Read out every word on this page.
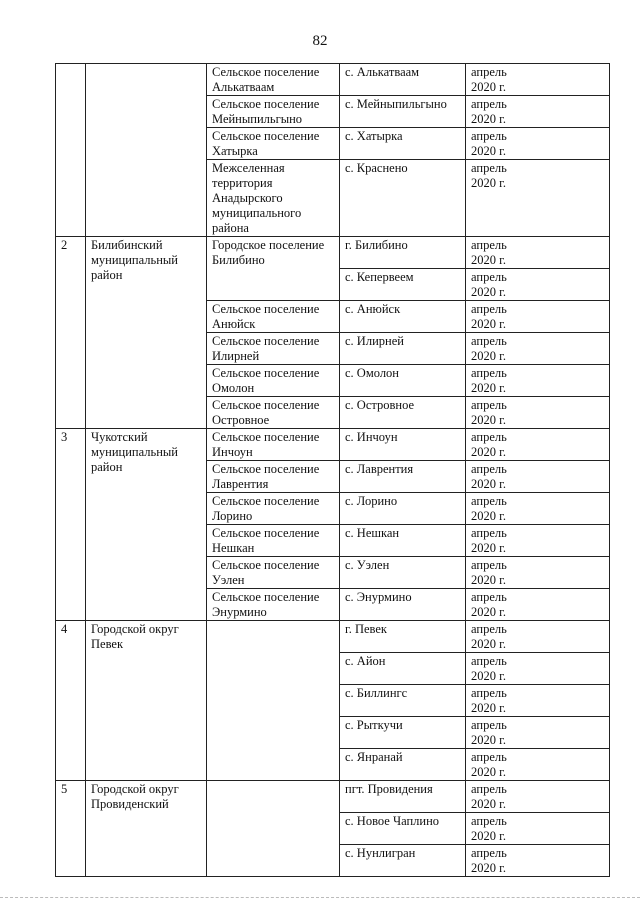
82

		Сельское поселение
Алькатваам	с. Алькатваам	апрель
2020 г.

		Сельское поселение
Мейныпильгыно	с. Мейныпильгыно	апрель
2020 г.

		Сельское поселение
Хатырка	с. Хатырка	апрель
2020 г.

		Межселенная
территория
Анадырского
муниципального
района	с. Краснено	апрель
2020 г.

2	Билибинский
муниципальный
район	Городское поселение
Билибино	г. Билибино	апрель
2020 г.

			с. Кепервеем	апрель
2020 г.

		Сельское поселение
Анюйск	с. Анюйск	апрель
2020 г.

		Сельское поселение
Илирней	с. Илирней	апрель
2020 г.

		Сельское поселение
Омолон	с. Омолон	апрель
2020 г.

		Сельское поселение
Островное	с. Островное	апрель
2020 г.

3	Чукотский
муниципальный
район	Сельское поселение
Инчоун	с. Инчоун	апрель
2020 г.

		Сельское поселение
Лаврентия	с. Лаврентия	апрель
2020 г.

		Сельское поселение
Лорино	с. Лорино	апрель
2020 г.

		Сельское поселение
Нешкан	с. Нешкан	апрель
2020 г.

		Сельское поселение
Уэлен	с. Уэлен	апрель
2020 г.

		Сельское поселение
Энурмино	с. Энурмино	апрель
2020 г.

4	Городской округ
Певек		г. Певек	апрель
2020 г.

			с. Айон	апрель
2020 г.

			с. Биллингс	апрель
2020 г.

			с. Рыткучи	апрель
2020 г.

			с. Янранай	апрель
2020 г.

5	Городской округ
Провиденский		пгт. Провидения	апрель
2020 г.

			с. Новое Чаплино	апрель
2020 г.

			с. Нунлигран	апрель
2020 г.
